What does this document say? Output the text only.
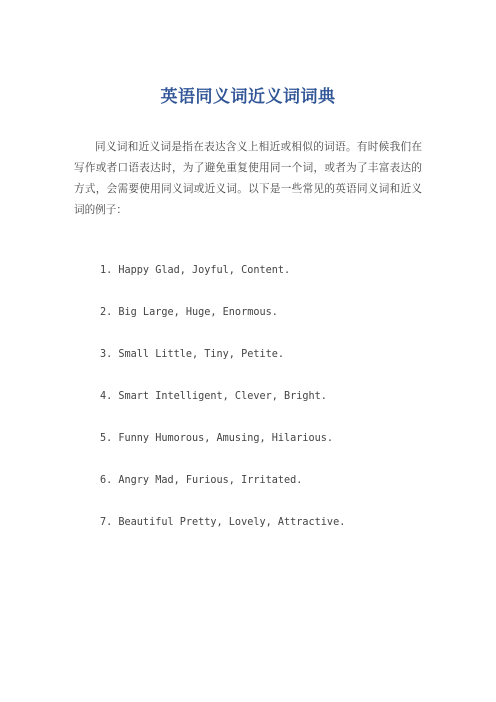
英语同义词近义词词典

同义词和近义词是指在表达含义上相近或相似的词语。有时候我们在写作或者口语表达时，为了避免重复使用同一个词，或者为了丰富表达的方式，会需要使用同义词或近义词。以下是一些常见的英语同义词和近义词的例子：

1. Happy Glad, Joyful, Content.
2. Big Large, Huge, Enormous.
3. Small Little, Tiny, Petite.
4. Smart Intelligent, Clever, Bright.
5. Funny Humorous, Amusing, Hilarious.
6. Angry Mad, Furious, Irritated.
7. Beautiful Pretty, Lovely, Attractive.
